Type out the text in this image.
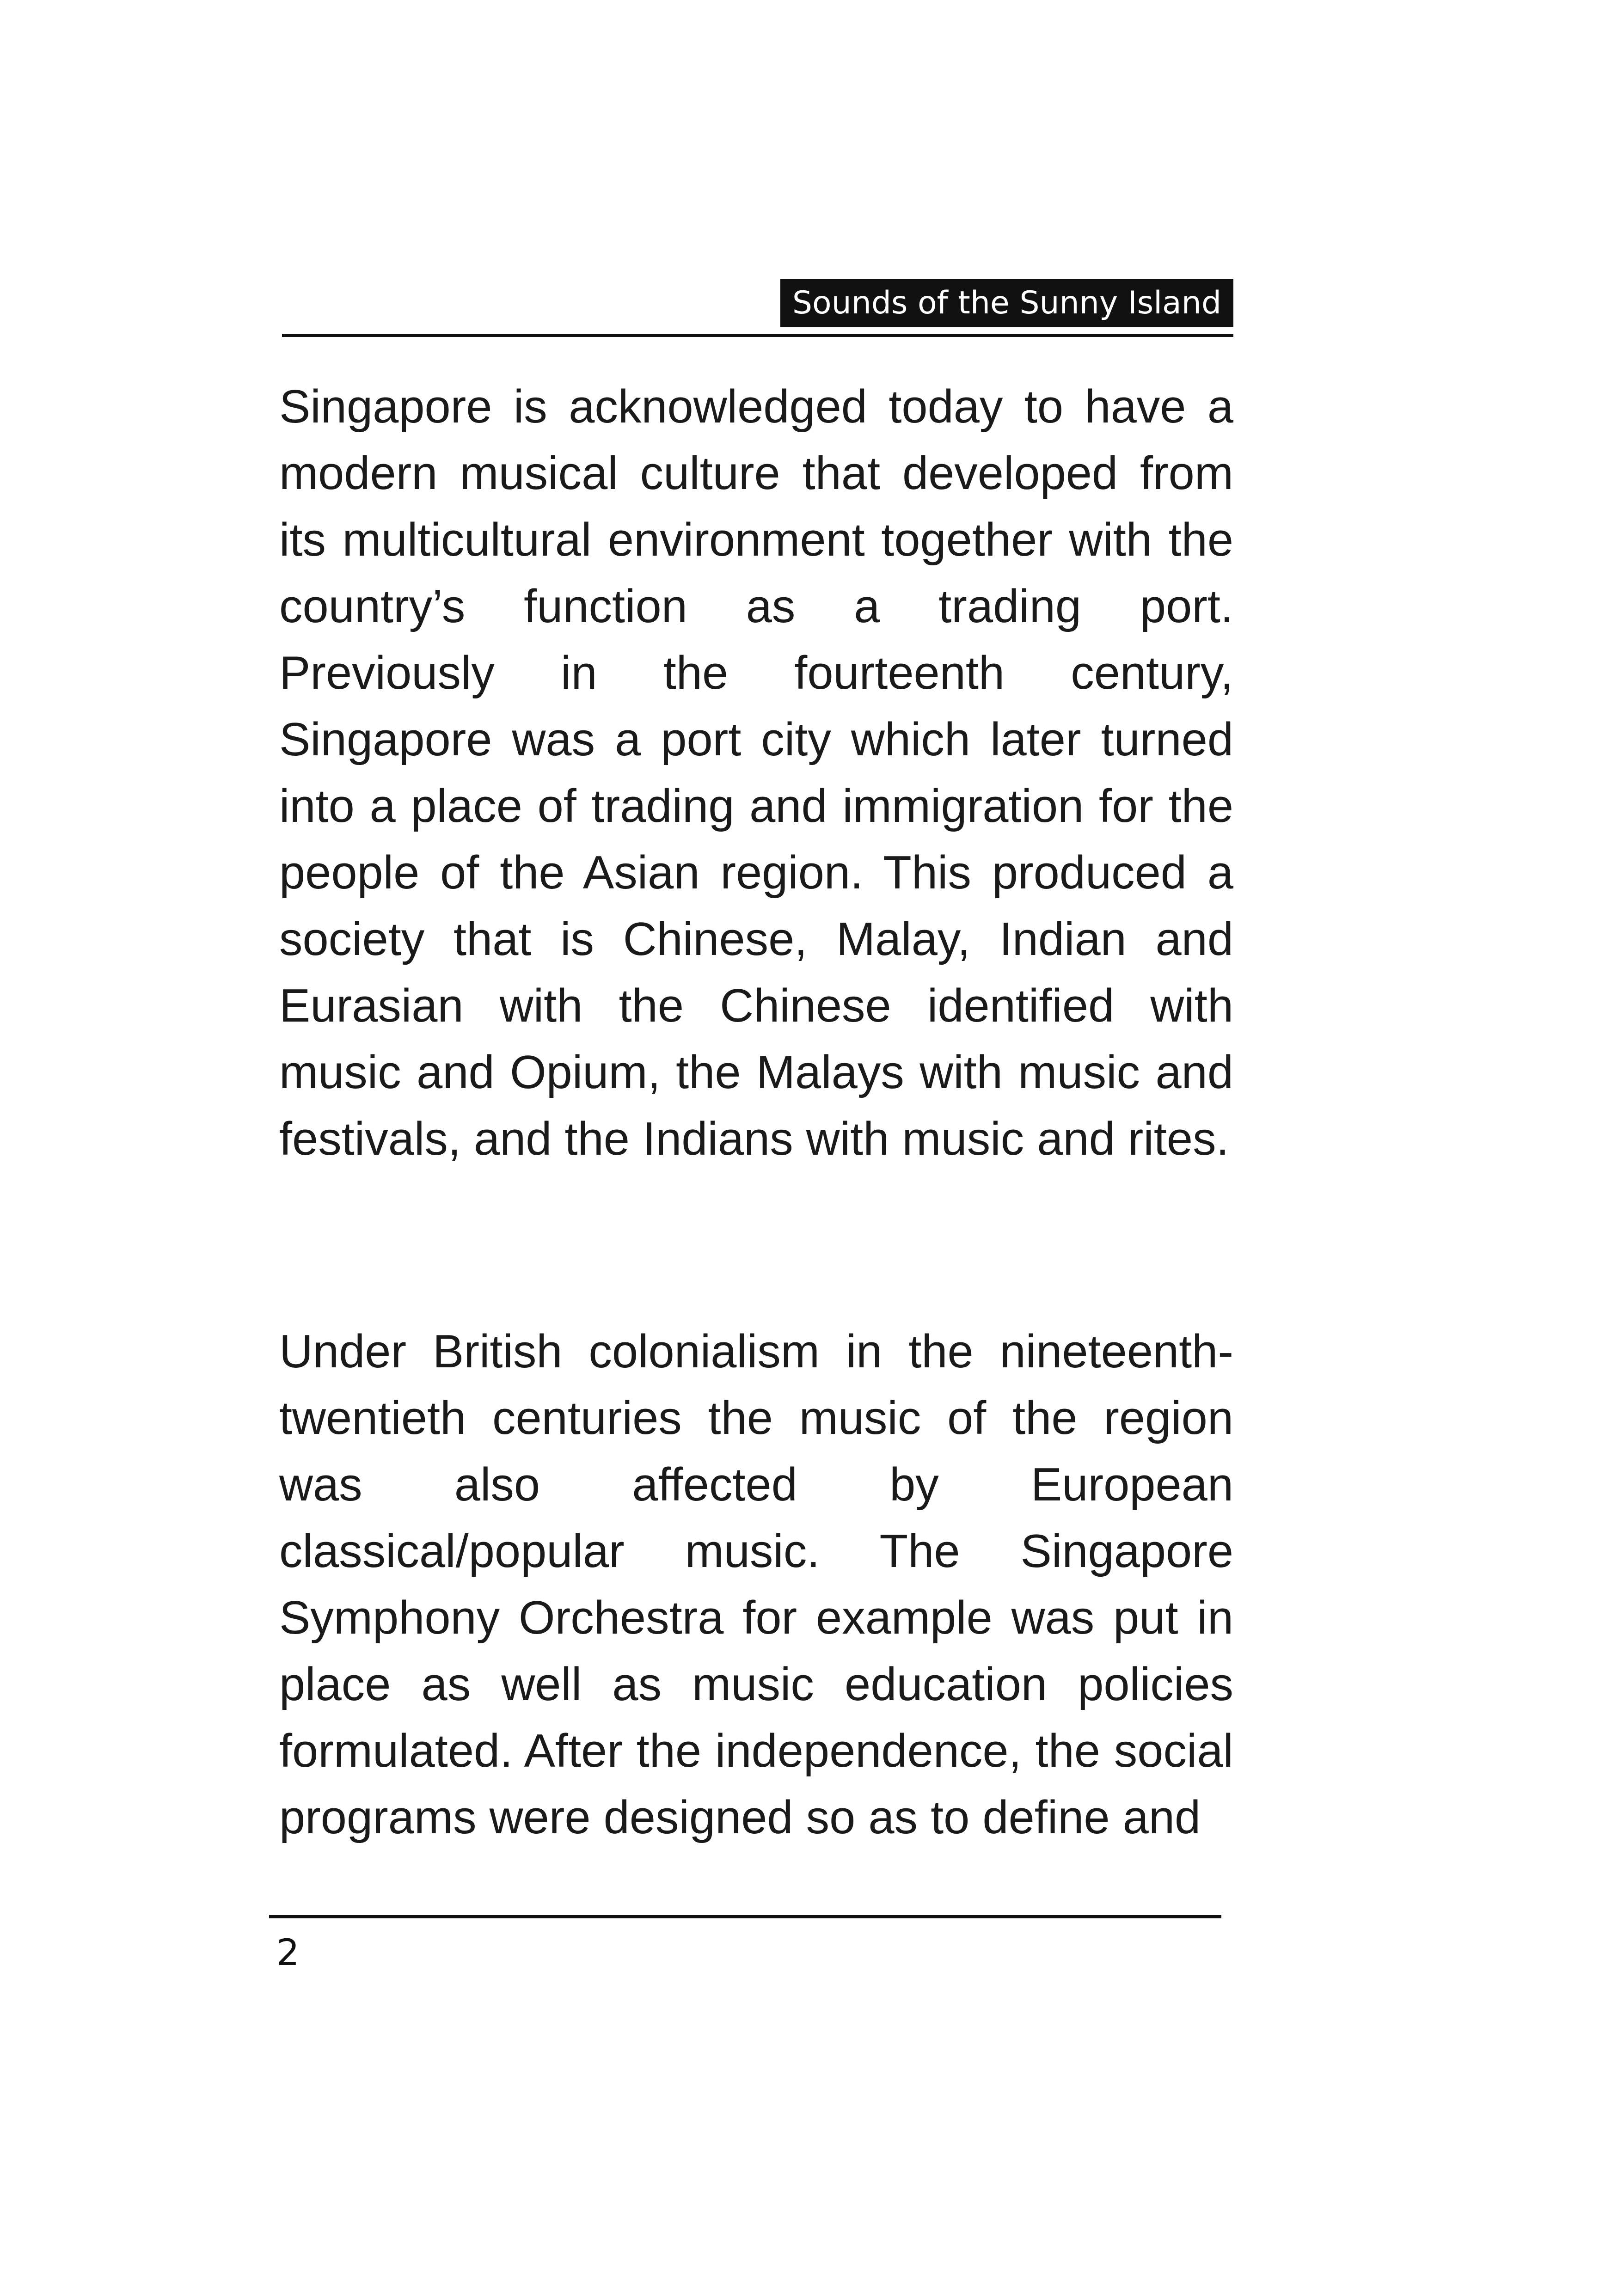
Sounds of the Sunny Island

Singapore is acknowledged today to have a modern musical culture that developed from its multicultural environment together with the country’s function as a trading port. Previously in the fourteenth century, Singapore was a port city which later turned into a place of trading and immigration for the people of the Asian region. This produced a society that is Chinese, Malay, Indian and Eurasian with the Chinese identified with music and Opium, the Malays with music and festivals, and the Indians with music and rites.

Under British colonialism in the nineteenth-twentieth centuries the music of the region was also affected by European classical/popular music. The Singapore Symphony Orchestra for example was put in place as well as music education policies formulated. After the independence, the social programs were designed so as to define and

2
